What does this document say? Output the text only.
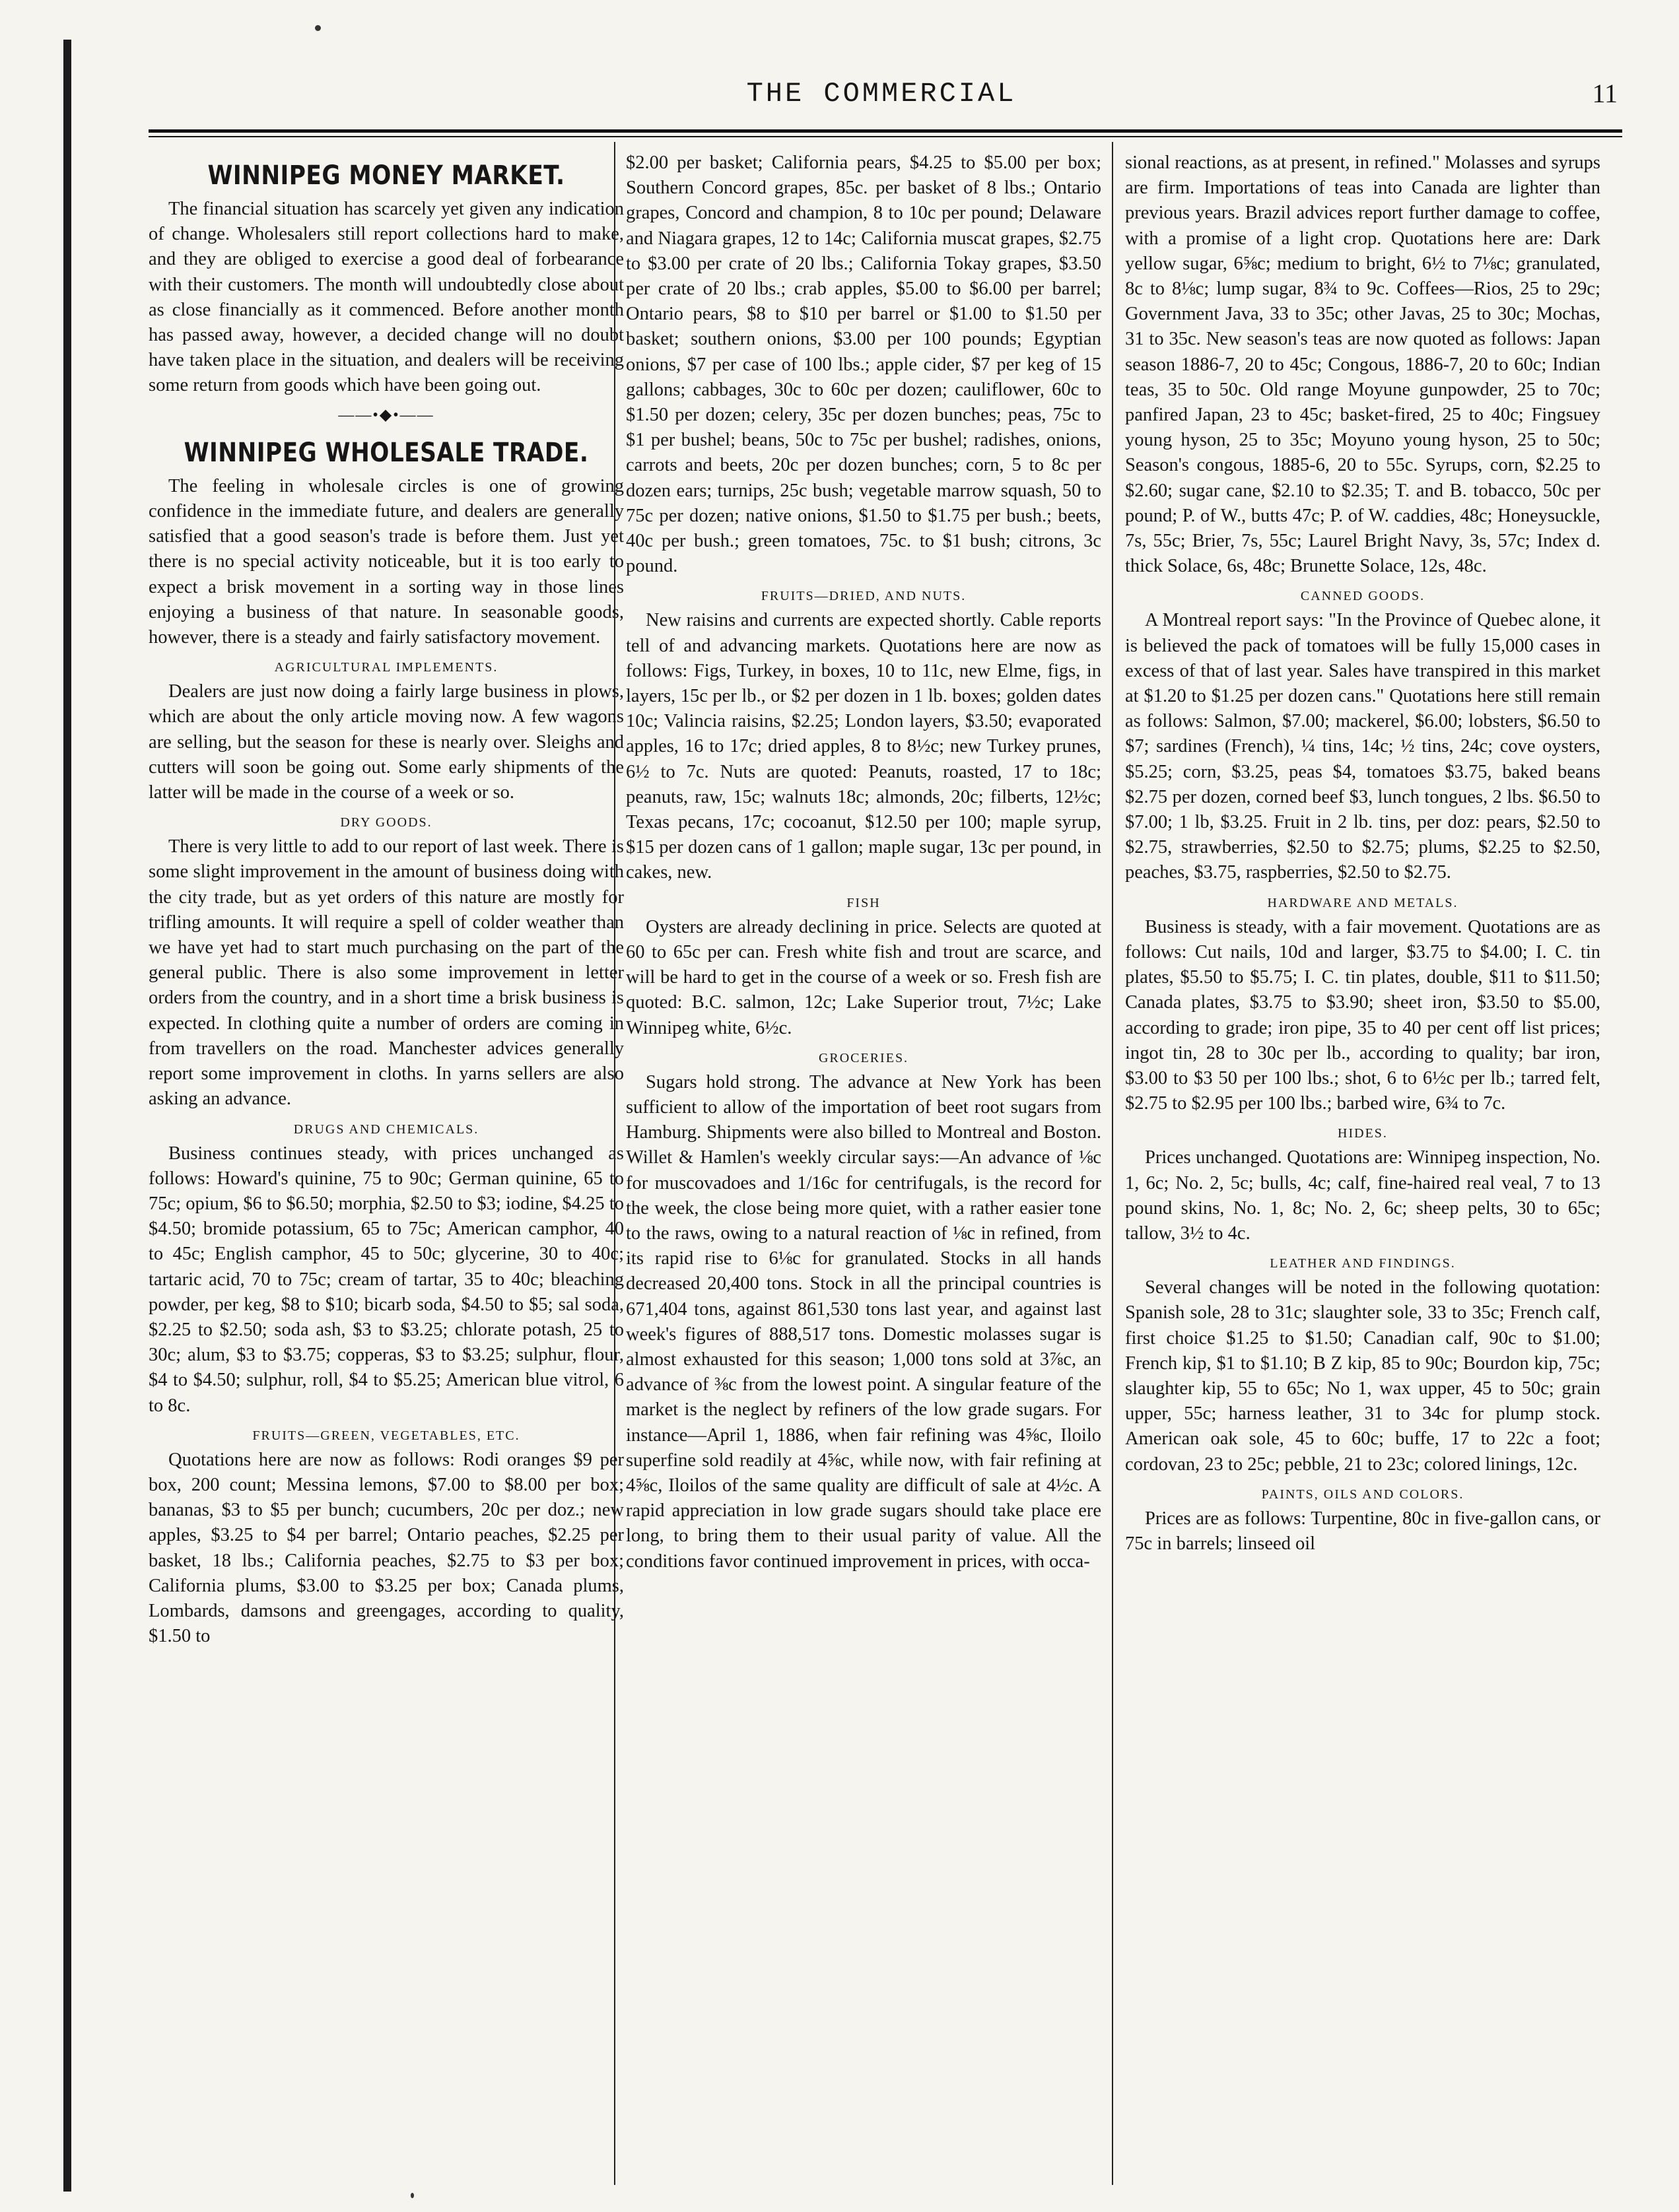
THE COMMERCIAL	11
WINNIPEG MONEY MARKET.

The financial situation has scarcely yet given any indication of change. Wholesalers still report collections hard to make, and they are obliged to exercise a good deal of forbearance with their customers. The month will undoubtedly close about as close financially as it commenced. Before another month has passed away, however, a decided change will no doubt have taken place in the situation, and dealers will be receiving some return from goods which have been going out.

——•◆•——
WINNIPEG WHOLESALE TRADE.

The feeling in wholesale circles is one of growing confidence in the immediate future, and dealers are generally satisfied that a good season's trade is before them. Just yet there is no special activity noticeable, but it is too early to expect a brisk movement in a sorting way in those lines enjoying a business of that nature. In seasonable goods, however, there is a steady and fairly satisfactory movement.

AGRICULTURAL IMPLEMENTS.

Dealers are just now doing a fairly large business in plows, which are about the only article moving now. A few wagons are selling, but the season for these is nearly over. Sleighs and cutters will soon be going out. Some early shipments of the latter will be made in the course of a week or so.

DRY GOODS.

There is very little to add to our report of last week. There is some slight improvement in the amount of business doing with the city trade, but as yet orders of this nature are mostly for trifling amounts. It will require a spell of colder weather than we have yet had to start much purchasing on the part of the general public. There is also some improvement in letter orders from the country, and in a short time a brisk business is expected. In clothing quite a number of orders are coming in from travellers on the road. Manchester advices generally report some improvement in cloths. In yarns sellers are also asking an advance.

DRUGS AND CHEMICALS.

Business continues steady, with prices unchanged as follows: Howard's quinine, 75 to 90c; German quinine, 65 to 75c; opium, $6 to $6.50; morphia, $2.50 to $3; iodine, $4.25 to $4.50; bromide potassium, 65 to 75c; American camphor, 40 to 45c; English camphor, 45 to 50c; glycerine, 30 to 40c; tartaric acid, 70 to 75c; cream of tartar, 35 to 40c; bleaching powder, per keg, $8 to $10; bicarb soda, $4.50 to $5; sal soda, $2.25 to $2.50; soda ash, $3 to $3.25; chlorate potash, 25 to 30c; alum, $3 to $3.75; copperas, $3 to $3.25; sulphur, flour, $4 to $4.50; sulphur, roll, $4 to $5.25; American blue vitrol, 6 to 8c.

FRUITS—GREEN, VEGETABLES, ETC.

Quotations here are now as follows: Rodi oranges $9 per box, 200 count; Messina lemons, $7.00 to $8.00 per box; bananas, $3 to $5 per bunch; cucumbers, 20c per doz.; new apples, $3.25 to $4 per barrel; Ontario peaches, $2.25 per basket, 18 lbs.; California peaches, $2.75 to $3 per box; California plums, $3.00 to $3.25 per box; Canada plums, Lombards, damsons and greengages, according to quality, $1.50 to

$2.00 per basket; California pears, $4.25 to $5.00 per box; Southern Concord grapes, 85c. per basket of 8 lbs.; Ontario grapes, Concord and champion, 8 to 10c per pound; Delaware and Niagara grapes, 12 to 14c; California muscat grapes, $2.75 to $3.00 per crate of 20 lbs.; California Tokay grapes, $3.50 per crate of 20 lbs.; crab apples, $5.00 to $6.00 per barrel; Ontario pears, $8 to $10 per barrel or $1.00 to $1.50 per basket; southern onions, $3.00 per 100 pounds; Egyptian onions, $7 per case of 100 lbs.; apple cider, $7 per keg of 15 gallons; cabbages, 30c to 60c per dozen; cauliflower, 60c to $1.50 per dozen; celery, 35c per dozen bunches; peas, 75c to $1 per bushel; beans, 50c to 75c per bushel; radishes, onions, carrots and beets, 20c per dozen bunches; corn, 5 to 8c per dozen ears; turnips, 25c bush; vegetable marrow squash, 50 to 75c per dozen; native onions, $1.50 to $1.75 per bush.; beets, 40c per bush.; green tomatoes, 75c. to $1 bush; citrons, 3c pound.

FRUITS—DRIED, AND NUTS.

New raisins and currents are expected shortly. Cable reports tell of and advancing markets. Quotations here are now as follows: Figs, Turkey, in boxes, 10 to 11c, new Elme, figs, in layers, 15c per lb., or $2 per dozen in 1 lb. boxes; golden dates 10c; Valincia raisins, $2.25; London layers, $3.50; evaporated apples, 16 to 17c; dried apples, 8 to 8½c; new Turkey prunes, 6½ to 7c. Nuts are quoted: Peanuts, roasted, 17 to 18c; peanuts, raw, 15c; walnuts 18c; almonds, 20c; filberts, 12½c; Texas pecans, 17c; cocoanut, $12.50 per 100; maple syrup, $15 per dozen cans of 1 gallon; maple sugar, 13c per pound, in cakes, new.

FISH

Oysters are already declining in price. Selects are quoted at 60 to 65c per can. Fresh white fish and trout are scarce, and will be hard to get in the course of a week or so. Fresh fish are quoted: B.C. salmon, 12c; Lake Superior trout, 7½c; Lake Winnipeg white, 6½c.

GROCERIES.

Sugars hold strong. The advance at New York has been sufficient to allow of the importation of beet root sugars from Hamburg. Shipments were also billed to Montreal and Boston. Willet & Hamlen's weekly circular says:—An advance of ⅛c for muscovadoes and 1/16c for centrifugals, is the record for the week, the close being more quiet, with a rather easier tone to the raws, owing to a natural reaction of ⅛c in refined, from its rapid rise to 6⅛c for granulated. Stocks in all hands decreased 20,400 tons. Stock in all the principal countries is 671,404 tons, against 861,530 tons last year, and against last week's figures of 888,517 tons. Domestic molasses sugar is almost exhausted for this season; 1,000 tons sold at 3⅞c, an advance of ⅜c from the lowest point. A singular feature of the market is the neglect by refiners of the low grade sugars. For instance—April 1, 1886, when fair refining was 4⅝c, Iloilo superfine sold readily at 4⅝c, while now, with fair refining at 4⅝c, Iloilos of the same quality are difficult of sale at 4½c. A rapid appreciation in low grade sugars should take place ere long, to bring them to their usual parity of value. All the conditions favor continued improvement in prices, with occa-

sional reactions, as at present, in refined." Molasses and syrups are firm. Importations of teas into Canada are lighter than previous years. Brazil advices report further damage to coffee, with a promise of a light crop. Quotations here are: Dark yellow sugar, 6⅝c; medium to bright, 6½ to 7⅛c; granulated, 8c to 8⅛c; lump sugar, 8¾ to 9c. Coffees—Rios, 25 to 29c; Government Java, 33 to 35c; other Javas, 25 to 30c; Mochas, 31 to 35c. New season's teas are now quoted as follows: Japan season 1886-7, 20 to 45c; Congous, 1886-7, 20 to 60c; Indian teas, 35 to 50c. Old range Moyune gunpowder, 25 to 70c; panfired Japan, 23 to 45c; basket-fired, 25 to 40c; Fingsuey young hyson, 25 to 35c; Moyuno young hyson, 25 to 50c; Season's congous, 1885-6, 20 to 55c. Syrups, corn, $2.25 to $2.60; sugar cane, $2.10 to $2.35; T. and B. tobacco, 50c per pound; P. of W., butts 47c; P. of W. caddies, 48c; Honeysuckle, 7s, 55c; Brier, 7s, 55c; Laurel Bright Navy, 3s, 57c; Index d. thick Solace, 6s, 48c; Brunette Solace, 12s, 48c.

CANNED GOODS.

A Montreal report says: "In the Province of Quebec alone, it is believed the pack of tomatoes will be fully 15,000 cases in excess of that of last year. Sales have transpired in this market at $1.20 to $1.25 per dozen cans." Quotations here still remain as follows: Salmon, $7.00; mackerel, $6.00; lobsters, $6.50 to $7; sardines (French), ¼ tins, 14c; ½ tins, 24c; cove oysters, $5.25; corn, $3.25, peas $4, tomatoes $3.75, baked beans $2.75 per dozen, corned beef $3, lunch tongues, 2 lbs. $6.50 to $7.00; 1 lb, $3.25. Fruit in 2 lb. tins, per doz: pears, $2.50 to $2.75, strawberries, $2.50 to $2.75; plums, $2.25 to $2.50, peaches, $3.75, raspberries, $2.50 to $2.75.

HARDWARE AND METALS.

Business is steady, with a fair movement. Quotations are as follows: Cut nails, 10d and larger, $3.75 to $4.00; I. C. tin plates, $5.50 to $5.75; I. C. tin plates, double, $11 to $11.50; Canada plates, $3.75 to $3.90; sheet iron, $3.50 to $5.00, according to grade; iron pipe, 35 to 40 per cent off list prices; ingot tin, 28 to 30c per lb., according to quality; bar iron, $3.00 to $3 50 per 100 lbs.; shot, 6 to 6½c per lb.; tarred felt, $2.75 to $2.95 per 100 lbs.; barbed wire, 6¾ to 7c.

HIDES.

Prices unchanged. Quotations are: Winnipeg inspection, No. 1, 6c; No. 2, 5c; bulls, 4c; calf, fine-haired real veal, 7 to 13 pound skins, No. 1, 8c; No. 2, 6c; sheep pelts, 30 to 65c; tallow, 3½ to 4c.

LEATHER AND FINDINGS.

Several changes will be noted in the following quotation: Spanish sole, 28 to 31c; slaughter sole, 33 to 35c; French calf, first choice $1.25 to $1.50; Canadian calf, 90c to $1.00; French kip, $1 to $1.10; B Z kip, 85 to 90c; Bourdon kip, 75c; slaughter kip, 55 to 65c; No 1, wax upper, 45 to 50c; grain upper, 55c; harness leather, 31 to 34c for plump stock. American oak sole, 45 to 60c; buffe, 17 to 22c a foot; cordovan, 23 to 25c; pebble, 21 to 23c; colored linings, 12c.

PAINTS, OILS AND COLORS.

Prices are as follows: Turpentine, 80c in five-gallon cans, or 75c in barrels; linseed oil
